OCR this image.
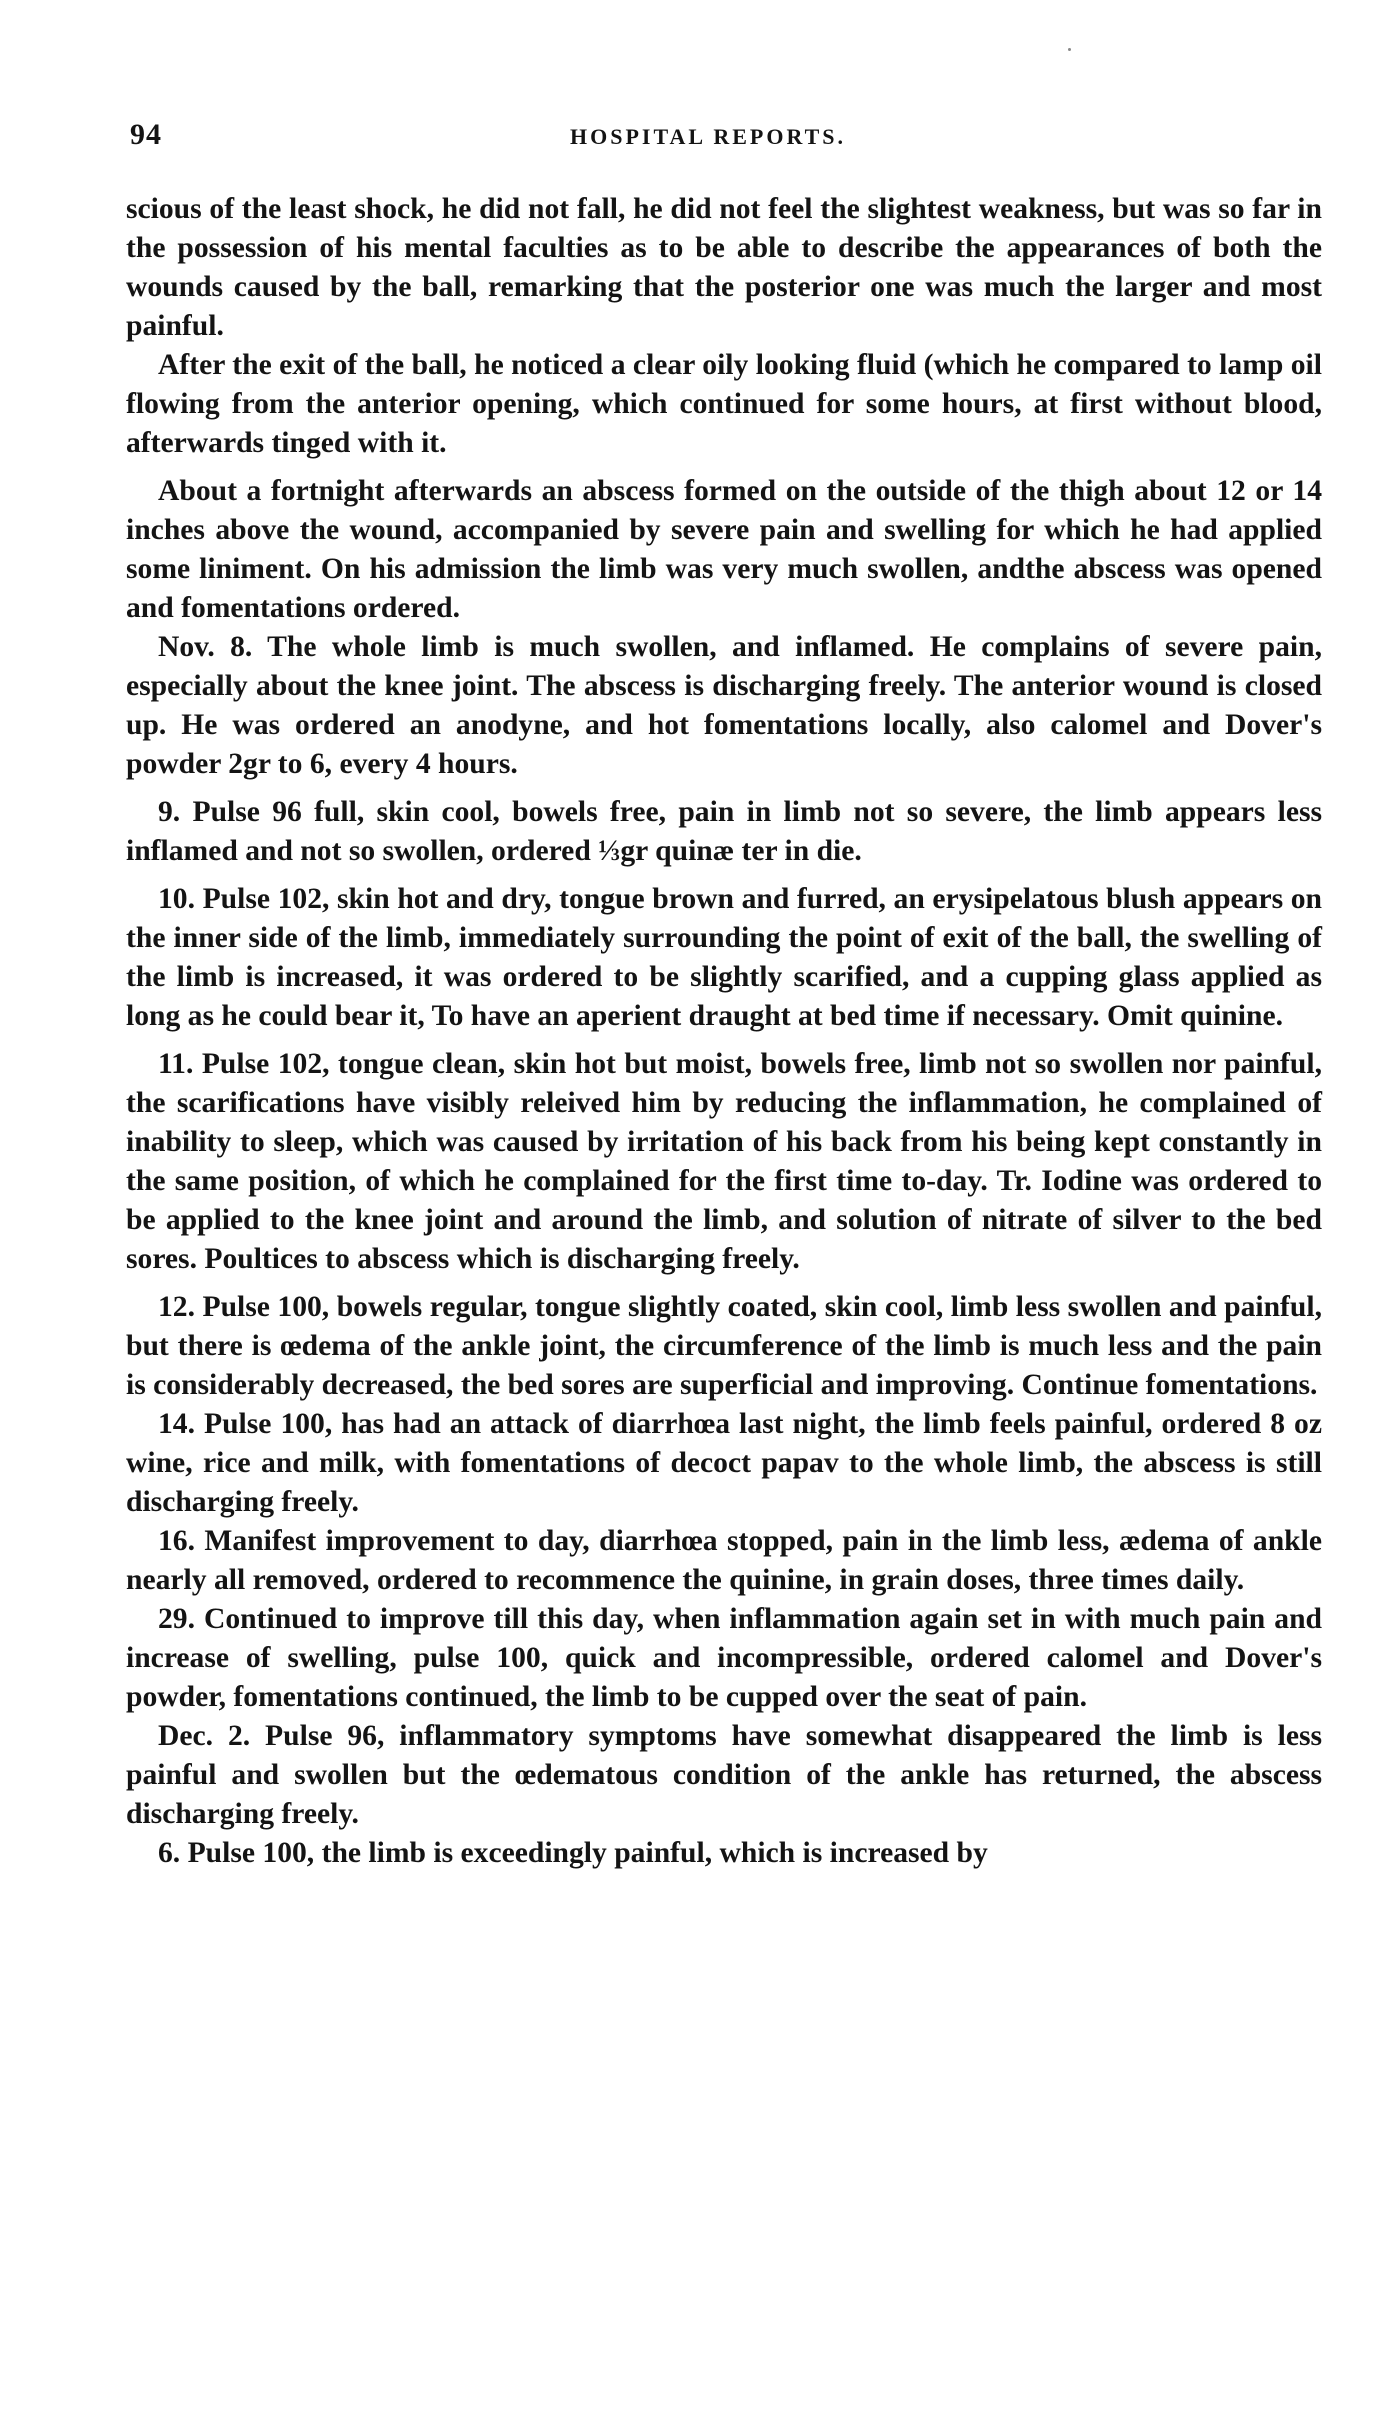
94	HOSPITAL REPORTS.

scious of the least shock, he did not fall, he did not feel the slightest weakness, but was so far in the possession of his mental faculties as to be able to describe the appearances of both the wounds caused by the ball, remarking that the posterior one was much the larger and most painful.

After the exit of the ball, he noticed a clear oily looking fluid (which he compared to lamp oil flowing from the anterior opening, which continued for some hours, at first without blood, afterwards tinged with it.

About a fortnight afterwards an abscess formed on the outside of the thigh about 12 or 14 inches above the wound, accompanied by severe pain and swelling for which he had applied some liniment. On his admission the limb was very much swollen, andthe abscess was opened and fomentations ordered.

Nov. 8. The whole limb is much swollen, and inflamed. He complains of severe pain, especially about the knee joint. The abscess is discharging freely. The anterior wound is closed up. He was ordered an anodyne, and hot fomentations locally, also calomel and Dover's powder 2gr to 6, every 4 hours.

9. Pulse 96 full, skin cool, bowels free, pain in limb not so severe, the limb appears less inflamed and not so swollen, ordered ⅓gr quinæ ter in die.

10. Pulse 102, skin hot and dry, tongue brown and furred, an erysipelatous blush appears on the inner side of the limb, immediately surrounding the point of exit of the ball, the swelling of the limb is increased, it was ordered to be slightly scarified, and a cupping glass applied as long as he could bear it, To have an aperient draught at bed time if necessary. Omit quinine.

11. Pulse 102, tongue clean, skin hot but moist, bowels free, limb not so swollen nor painful, the scarifications have visibly releived him by reducing the inflammation, he complained of inability to sleep, which was caused by irritation of his back from his being kept constantly in the same position, of which he complained for the first time to-day. Tr. Iodine was ordered to be applied to the knee joint and around the limb, and solution of nitrate of silver to the bed sores. Poultices to abscess which is discharging freely.

12. Pulse 100, bowels regular, tongue slightly coated, skin cool, limb less swollen and painful, but there is œdema of the ankle joint, the circumference of the limb is much less and the pain is considerably decreased, the bed sores are superficial and improving. Continue fomentations.

14. Pulse 100, has had an attack of diarrhœa last night, the limb feels painful, ordered 8 oz wine, rice and milk, with fomentations of decoct papav to the whole limb, the abscess is still discharging freely.

16. Manifest improvement to day, diarrhœa stopped, pain in the limb less, ædema of ankle nearly all removed, ordered to recommence the quinine, in grain doses, three times daily.

29. Continued to improve till this day, when inflammation again set in with much pain and increase of swelling, pulse 100, quick and incompressible, ordered calomel and Dover's powder, fomentations continued, the limb to be cupped over the seat of pain.

Dec. 2. Pulse 96, inflammatory symptoms have somewhat disappeared the limb is less painful and swollen but the œdematous condition of the ankle has returned, the abscess discharging freely.

6. Pulse 100, the limb is exceedingly painful, which is increased by
